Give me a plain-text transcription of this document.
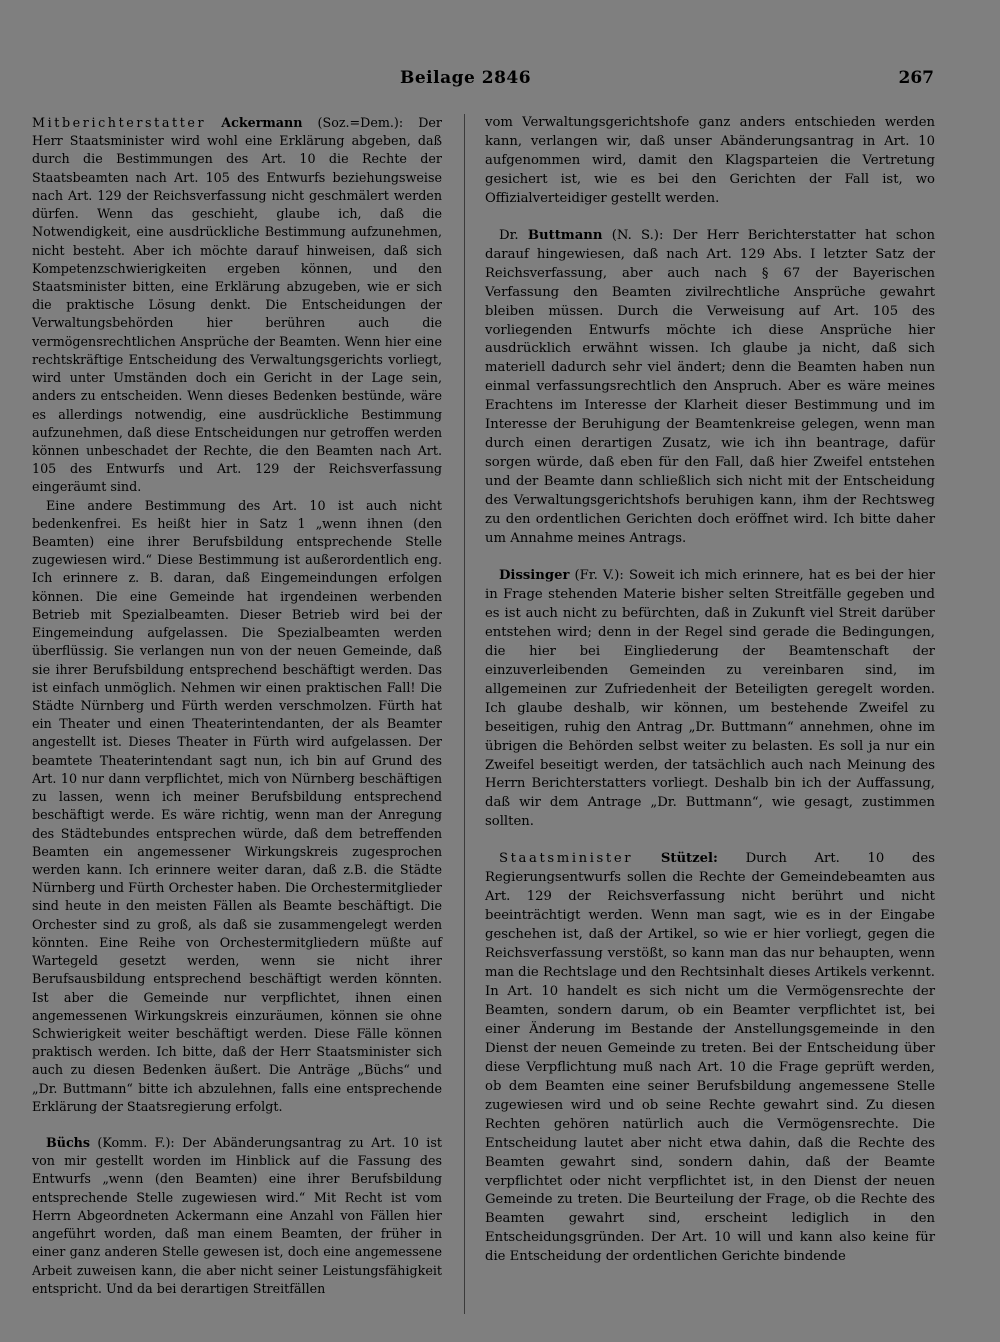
Beilage 2846	267

Mitberichterstatter Ackermann (Soz.=Dem.): Der Herr Staatsminister wird wohl eine Erklärung abgeben, daß durch die Bestimmungen des Art. 10 die Rechte der Staatsbeamten nach Art. 105 des Entwurfs beziehungsweise nach Art. 129 der Reichsverfassung nicht geschmälert werden dürfen. Wenn das geschieht, glaube ich, daß die Notwendigkeit, eine ausdrückliche Bestimmung aufzunehmen, nicht besteht. Aber ich möchte darauf hinweisen, daß sich Kompetenzschwierigkeiten ergeben können, und den Staatsminister bitten, eine Erklärung abzugeben, wie er sich die praktische Lösung denkt. Die Entscheidungen der Verwaltungsbehörden hier berühren auch die vermögensrechtlichen Ansprüche der Beamten. Wenn hier eine rechtskräftige Entscheidung des Verwaltungsgerichts vorliegt, wird unter Umständen doch ein Gericht in der Lage sein, anders zu entscheiden. Wenn dieses Bedenken bestünde, wäre es allerdings notwendig, eine ausdrückliche Bestimmung aufzunehmen, daß diese Entscheidungen nur getroffen werden können unbeschadet der Rechte, die den Beamten nach Art. 105 des Entwurfs und Art. 129 der Reichsverfassung eingeräumt sind.

Eine andere Bestimmung des Art. 10 ist auch nicht bedenkenfrei. Es heißt hier in Satz 1 „wenn ihnen (den Beamten) eine ihrer Berufsbildung entsprechende Stelle zugewiesen wird.“ Diese Bestimmung ist außerordentlich eng. Ich erinnere z. B. daran, daß Eingemeindungen erfolgen können. Die eine Gemeinde hat irgendeinen werbenden Betrieb mit Spezialbeamten. Dieser Betrieb wird bei der Eingemeindung aufgelassen. Die Spezialbeamten werden überflüssig. Sie verlangen nun von der neuen Gemeinde, daß sie ihrer Berufsbildung entsprechend beschäftigt werden. Das ist einfach unmöglich. Nehmen wir einen praktischen Fall! Die Städte Nürnberg und Fürth werden verschmolzen. Fürth hat ein Theater und einen Theaterintendanten, der als Beamter angestellt ist. Dieses Theater in Fürth wird aufgelassen. Der beamtete Theaterintendant sagt nun, ich bin auf Grund des Art. 10 nur dann verpflichtet, mich von Nürnberg beschäftigen zu lassen, wenn ich meiner Berufsbildung entsprechend beschäftigt werde. Es wäre richtig, wenn man der Anregung des Städtebundes entsprechen würde, daß dem betreffenden Beamten ein angemessener Wirkungskreis zugesprochen werden kann. Ich erinnere weiter daran, daß z.B. die Städte Nürnberg und Fürth Orchester haben. Die Orchestermitglieder sind heute in den meisten Fällen als Beamte beschäftigt. Die Orchester sind zu groß, als daß sie zusammengelegt werden könnten. Eine Reihe von Orchestermitgliedern müßte auf Wartegeld gesetzt werden, wenn sie nicht ihrer Berufsausbildung entsprechend beschäftigt werden könnten. Ist aber die Gemeinde nur verpflichtet, ihnen einen angemessenen Wirkungskreis einzuräumen, können sie ohne Schwierigkeit weiter beschäftigt werden. Diese Fälle können praktisch werden. Ich bitte, daß der Herr Staatsminister sich auch zu diesen Bedenken äußert. Die Anträge „Büchs“ und „Dr. Buttmann“ bitte ich abzulehnen, falls eine entsprechende Erklärung der Staatsregierung erfolgt.

Büchs (Komm. F.): Der Abänderungsantrag zu Art. 10 ist von mir gestellt worden im Hinblick auf die Fassung des Entwurfs „wenn (den Beamten) eine ihrer Berufsbildung entsprechende Stelle zugewiesen wird.“ Mit Recht ist vom Herrn Abgeordneten Ackermann eine Anzahl von Fällen hier angeführt worden, daß man einem Beamten, der früher in einer ganz anderen Stelle gewesen ist, doch eine angemessene Arbeit zuweisen kann, die aber nicht seiner Leistungsfähigkeit entspricht. Und da bei derartigen Streitfällen

vom Verwaltungsgerichtshofe ganz anders entschieden werden kann, verlangen wir, daß unser Abänderungsantrag in Art. 10 aufgenommen wird, damit den Klagsparteien die Vertretung gesichert ist, wie es bei den Gerichten der Fall ist, wo Offizialverteidiger gestellt werden.

Dr. Buttmann (N. S.): Der Herr Berichterstatter hat schon darauf hingewiesen, daß nach Art. 129 Abs. I letzter Satz der Reichsverfassung, aber auch nach § 67 der Bayerischen Verfassung den Beamten zivilrechtliche Ansprüche gewahrt bleiben müssen. Durch die Verweisung auf Art. 105 des vorliegenden Entwurfs möchte ich diese Ansprüche hier ausdrücklich erwähnt wissen. Ich glaube ja nicht, daß sich materiell dadurch sehr viel ändert; denn die Beamten haben nun einmal verfassungsrechtlich den Anspruch. Aber es wäre meines Erachtens im Interesse der Klarheit dieser Bestimmung und im Interesse der Beruhigung der Beamtenkreise gelegen, wenn man durch einen derartigen Zusatz, wie ich ihn beantrage, dafür sorgen würde, daß eben für den Fall, daß hier Zweifel entstehen und der Beamte dann schließlich sich nicht mit der Entscheidung des Verwaltungsgerichtshofs beruhigen kann, ihm der Rechtsweg zu den ordentlichen Gerichten doch eröffnet wird. Ich bitte daher um Annahme meines Antrags.

Dissinger (Fr. V.): Soweit ich mich erinnere, hat es bei der hier in Frage stehenden Materie bisher selten Streitfälle gegeben und es ist auch nicht zu befürchten, daß in Zukunft viel Streit darüber entstehen wird; denn in der Regel sind gerade die Bedingungen, die hier bei Eingliederung der Beamtenschaft der einzuverleibenden Gemeinden zu vereinbaren sind, im allgemeinen zur Zufriedenheit der Beteiligten geregelt worden. Ich glaube deshalb, wir können, um bestehende Zweifel zu beseitigen, ruhig den Antrag „Dr. Buttmann“ annehmen, ohne im übrigen die Behörden selbst weiter zu belasten. Es soll ja nur ein Zweifel beseitigt werden, der tatsächlich auch nach Meinung des Herrn Berichterstatters vorliegt. Deshalb bin ich der Auffassung, daß wir dem Antrage „Dr. Buttmann“, wie gesagt, zustimmen sollten.

Staatsminister Stützel: Durch Art. 10 des Regierungsentwurfs sollen die Rechte der Gemeindebeamten aus Art. 129 der Reichsverfassung nicht berührt und nicht beeinträchtigt werden. Wenn man sagt, wie es in der Eingabe geschehen ist, daß der Artikel, so wie er hier vorliegt, gegen die Reichsverfassung verstößt, so kann man das nur behaupten, wenn man die Rechtslage und den Rechtsinhalt dieses Artikels verkennt. In Art. 10 handelt es sich nicht um die Vermögensrechte der Beamten, sondern darum, ob ein Beamter verpflichtet ist, bei einer Änderung im Bestande der Anstellungsgemeinde in den Dienst der neuen Gemeinde zu treten. Bei der Entscheidung über diese Verpflichtung muß nach Art. 10 die Frage geprüft werden, ob dem Beamten eine seiner Berufsbildung angemessene Stelle zugewiesen wird und ob seine Rechte gewahrt sind. Zu diesen Rechten gehören natürlich auch die Vermögensrechte. Die Entscheidung lautet aber nicht etwa dahin, daß die Rechte des Beamten gewahrt sind, sondern dahin, daß der Beamte verpflichtet oder nicht verpflichtet ist, in den Dienst der neuen Gemeinde zu treten. Die Beurteilung der Frage, ob die Rechte des Beamten gewahrt sind, erscheint lediglich in den Entscheidungsgründen. Der Art. 10 will und kann also keine für die Entscheidung der ordentlichen Gerichte bindende
